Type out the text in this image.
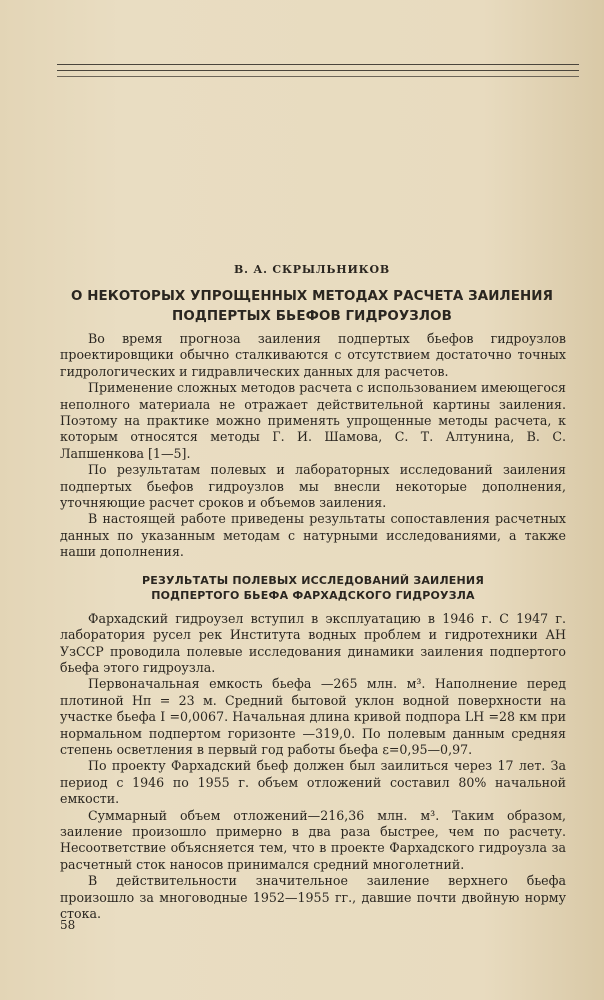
В. А. СКРЫЛЬНИКОВ
О НЕКОТОРЫХ УПРОЩЕННЫХ МЕТОДАХ РАСЧЕТА ЗАИЛЕНИЯ
ПОДПЕРТЫХ БЬЕФОВ ГИДРОУЗЛОВ

Во время прогноза заиления подпертых бьефов гидроузлов проектировщики обычно сталкиваются с отсутствием достаточно точных гидрологических и гидравлических данных для расчетов.

Применение сложных методов расчета с использованием имеющегося неполного материала не отражает действительной картины заиления. Поэтому на практике можно применять упрощенные методы расчета, к которым относятся методы Г. И. Шамова, С. Т. Алтунина, В. С. Лапшенкова [1—5].

По результатам полевых и лабораторных исследований заиления подпертых бьефов гидроузлов мы внесли некоторые дополнения, уточняющие расчет сроков и объемов заиления.

В настоящей работе приведены результаты сопоставления расчетных данных по указанным методам с натурными исследованиями, а также наши дополнения.

РЕЗУЛЬТАТЫ ПОЛЕВЫХ ИССЛЕДОВАНИЙ ЗАИЛЕНИЯ
ПОДПЕРТОГО БЬЕФА ФАРХАДСКОГО ГИДРОУЗЛА

Фархадский гидроузел вступил в эксплуатацию в 1946 г. С 1947 г. лаборатория русел рек Института водных проблем и гидротехники АН УзССР проводила полевые исследования динамики заиления подпертого бьефа этого гидроузла.

Первоначальная емкость бьефа —265 млн. м³. Наполнение перед плотиной Hп = 23 м. Средний бытовой уклон водной поверхности на участке бьефа I =0,0067. Начальная длина кривой подпора LH =28 км при нормальном подпертом горизонте —319,0. По полевым данным средняя степень осветления в первый год работы бьефа ε=0,95—0,97.

По проекту Фархадский бьеф должен был заилиться через 17 лет. За период с 1946 по 1955 г. объем отложений составил 80% начальной емкости.

Суммарный объем отложений—216,36 млн. м³. Таким образом, заиление произошло примерно в два раза быстрее, чем по расчету. Несоответствие объясняется тем, что в проекте Фархадского гидроузла за расчетный сток наносов принимался средний многолетний.

В действительности значительное заиление верхнего бьефа произошло за многоводные 1952—1955 гг., давшие почти двойную норму стока.

58
